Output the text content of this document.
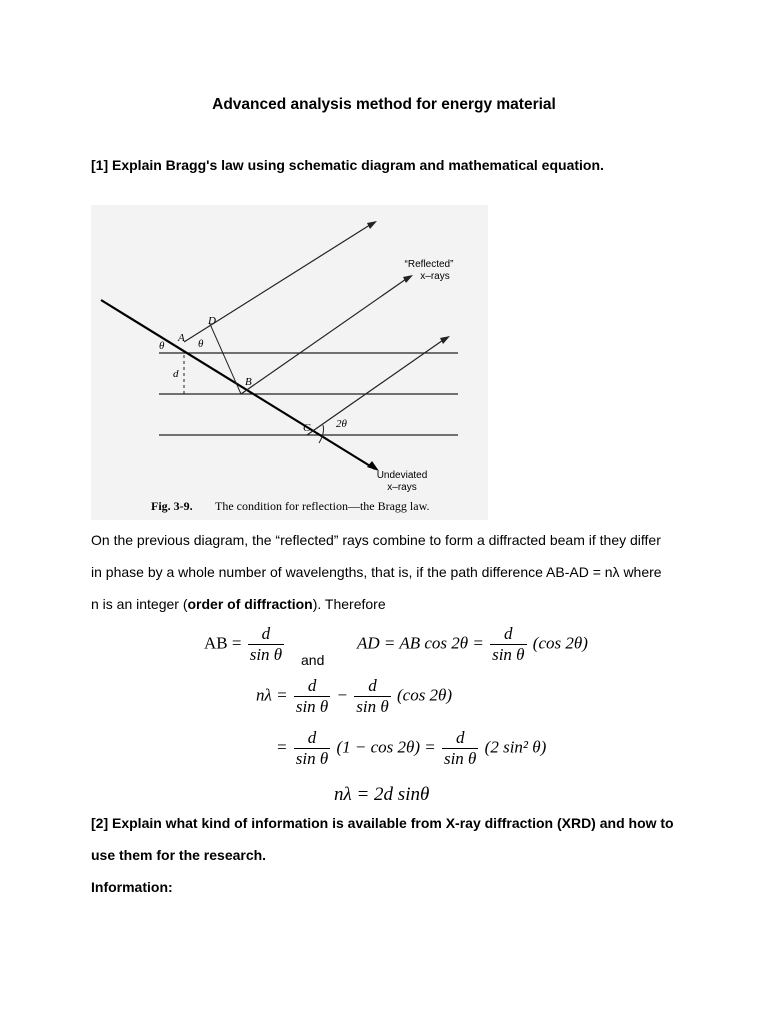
Advanced analysis method for energy material
[1] Explain Bragg's law using schematic diagram and mathematical equation.
A
B
C
D
θ	θ
d
2θ
“Reflected”
x–rays
Undeviated
x–rays
Fig. 3-9. The condition for reflection—the Bragg law.
On the previous diagram, the “reflected” rays combine to form a diffracted beam if they differ
in phase by a whole number of wavelengths, that is, if the path difference AB-AD = nλ where
n is an integer (order of diffraction). Therefore
AB = $\frac{d}{\text{sin θ}}$ and
AD = AB $\cos 2\theta = \frac{d}{\text{sin θ}} (\cos$ 2θ)
$n\lambda = \frac{d}{\text{sin θ}} - \frac{d}{\text{sin θ}} (\cos$ 2θ)
= $\frac{d}{\text{sin θ}} (1 - \cos 2\theta) = \frac{d}{\text{sin θ}} (2$ sin² θ)
nλ = 2d sinθ
[2] Explain what kind of information is available from X-ray diffraction (XRD) and how to
use them for the research.
Information:
